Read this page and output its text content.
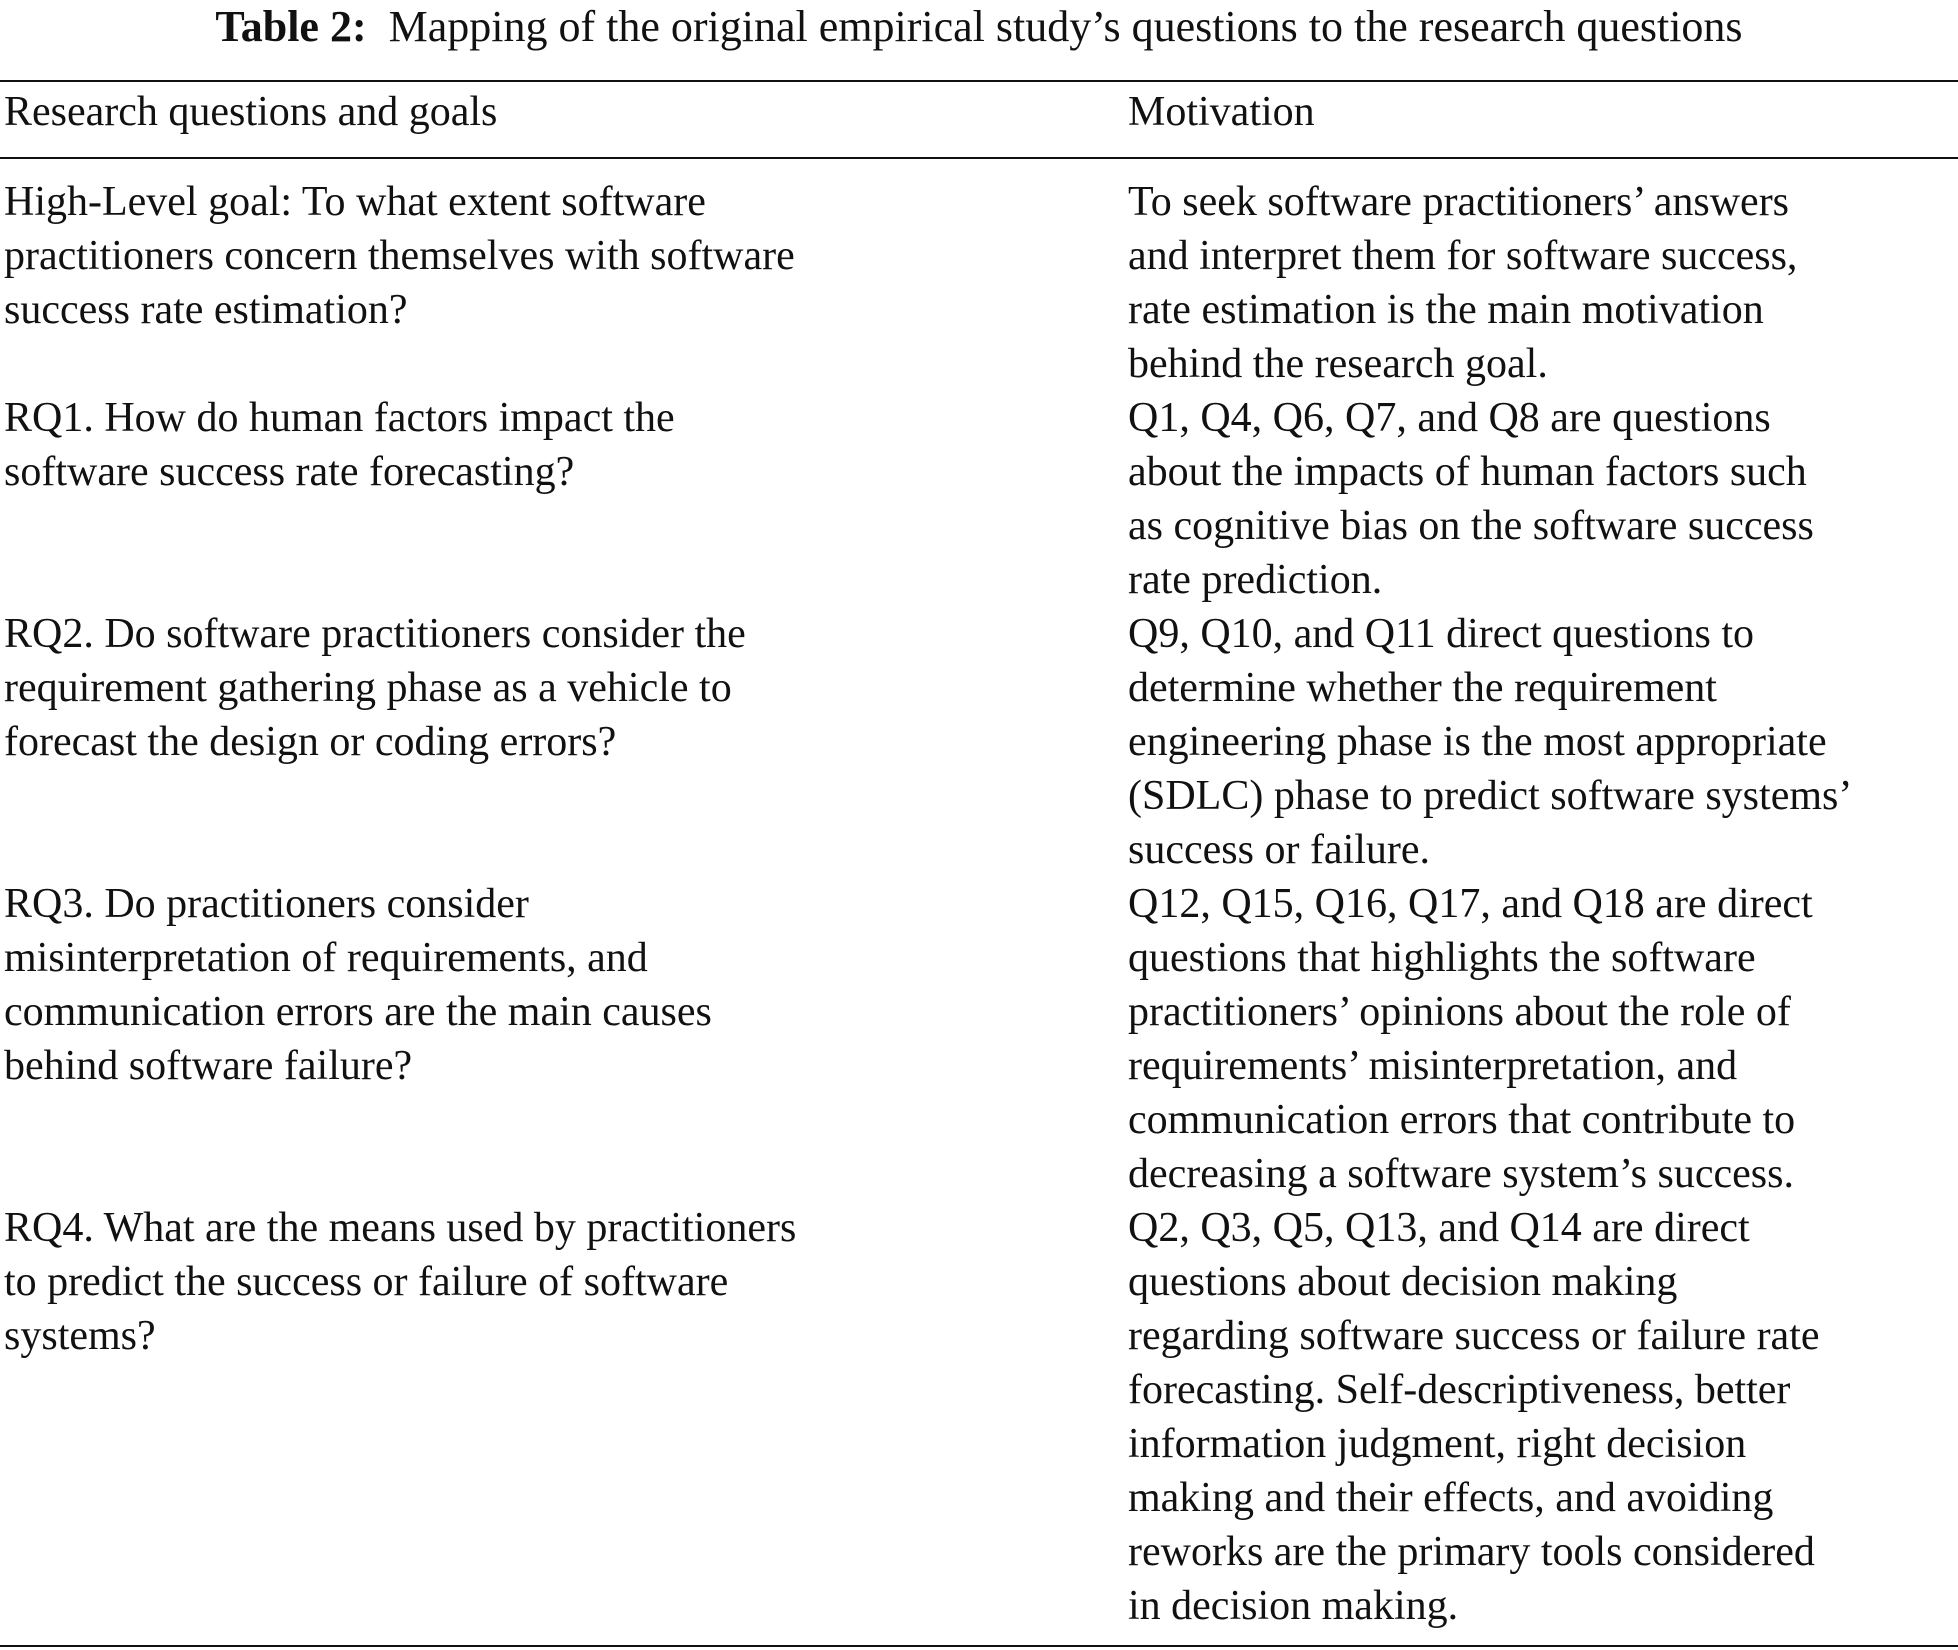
Table 2: Mapping of the original empirical study’s questions to the research questions
Research questions and goals	Motivation
High-Level goal: To what extent software
practitioners concern themselves with software
success rate estimation?
To seek software practitioners’ answers
and interpret them for software success,
rate estimation is the main motivation
behind the research goal.
RQ1. How do human factors impact the
software success rate forecasting?
Q1, Q4, Q6, Q7, and Q8 are questions
about the impacts of human factors such
as cognitive bias on the software success
rate prediction.
RQ2. Do software practitioners consider the
requirement gathering phase as a vehicle to
forecast the design or coding errors?
Q9, Q10, and Q11 direct questions to
determine whether the requirement
engineering phase is the most appropriate
(SDLC) phase to predict software systems’
success or failure.
RQ3. Do practitioners consider
misinterpretation of requirements, and
communication errors are the main causes
behind software failure?
Q12, Q15, Q16, Q17, and Q18 are direct
questions that highlights the software
practitioners’ opinions about the role of
requirements’ misinterpretation, and
communication errors that contribute to
decreasing a software system’s success.
RQ4. What are the means used by practitioners
to predict the success or failure of software
systems?
Q2, Q3, Q5, Q13, and Q14 are direct
questions about decision making
regarding software success or failure rate
forecasting. Self-descriptiveness, better
information judgment, right decision
making and their effects, and avoiding
reworks are the primary tools considered
in decision making.
